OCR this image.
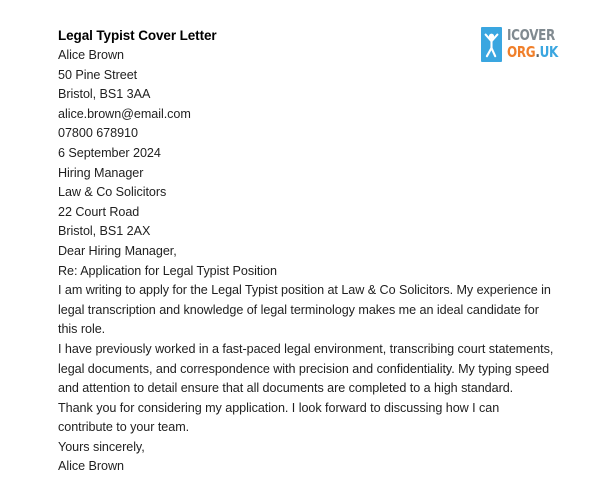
ICOVER
ORG.UK

Legal Typist Cover Letter

Alice Brown

50 Pine Street

Bristol, BS1 3AA

alice.brown@email.com

07800 678910

6 September 2024

Hiring Manager

Law & Co Solicitors

22 Court Road

Bristol, BS1 2AX

Dear Hiring Manager,

Re: Application for Legal Typist Position

I am writing to apply for the Legal Typist position at Law & Co Solicitors. My experience in legal transcription and knowledge of legal terminology makes me an ideal candidate for this role.

I have previously worked in a fast-paced legal environment, transcribing court statements, legal documents, and correspondence with precision and confidentiality. My typing speed and attention to detail ensure that all documents are completed to a high standard.

Thank you for considering my application. I look forward to discussing how I can contribute to your team.

Yours sincerely,

Alice Brown
